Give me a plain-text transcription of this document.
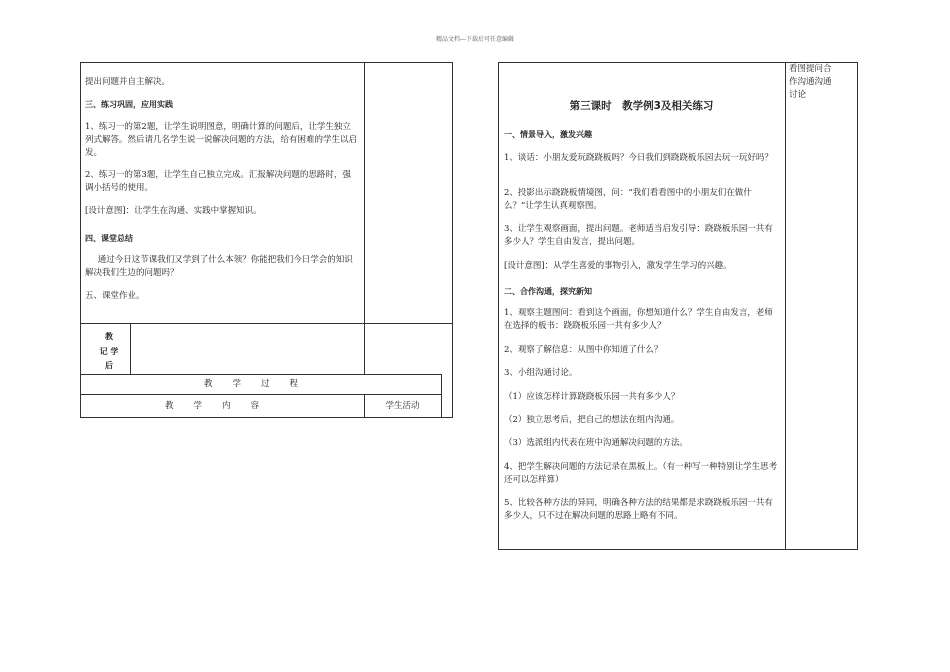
精品文档---下载后可任意编辑

提出问题并自主解决。

三、练习巩固，应用实践

1、练习一的第2题，让学生说明图意，明确计算的问题后，让学生独立列式解答。然后请几名学生说一说解决问题的方法，给有困难的学生以启发。

2、练习一的第3题，让学生自己独立完成。汇报解决问题的思路时，强调小括号的使用。

[设计意图]：让学生在沟通、实践中掌握知识。

四、课堂总结

通过今日这节课我们又学到了什么本领？你能把我们今日学会的知识解决我们生边的问题吗？

五、课堂作业。

教
记 学
后
教学过程
教学内容	学生活动

看图提问合作沟通沟通讨论

第三课时　教学例3及相关练习

一、情景导入，激发兴趣

1、谈话：小朋友爱玩跷跷板吗？今日我们到跷跷板乐园去玩一玩好吗？

2、投影出示跷跷板情境图，问：“我们看看图中的小朋友们在做什么？”让学生认真观察图。

3、让学生观察画面，提出问题。老师适当启发引导：跷跷板乐园一共有多少人？学生自由发言，提出问题。

[设计意图]：从学生喜爱的事物引入，激发学生学习的兴趣。

二、合作沟通，探究新知

1、观察主题图问：看到这个画面，你想知道什么？学生自由发言，老师在选择的板书：跷跷板乐园一共有多少人？

2、观察了解信息：从图中你知道了什么？

3、小组沟通讨论。

（1）应该怎样计算跷跷板乐园一共有多少人？

（2）独立思考后，把自己的想法在组内沟通。

（3）选派组内代表在班中沟通解决问题的方法。

4、把学生解决问题的方法记录在黑板上。（有一种写一种特别让学生思考还可以怎样算）

5、比较各种方法的异同，明确各种方法的结果都是求跷跷板乐园一共有多少人，只不过在解决问题的思路上略有不同。
